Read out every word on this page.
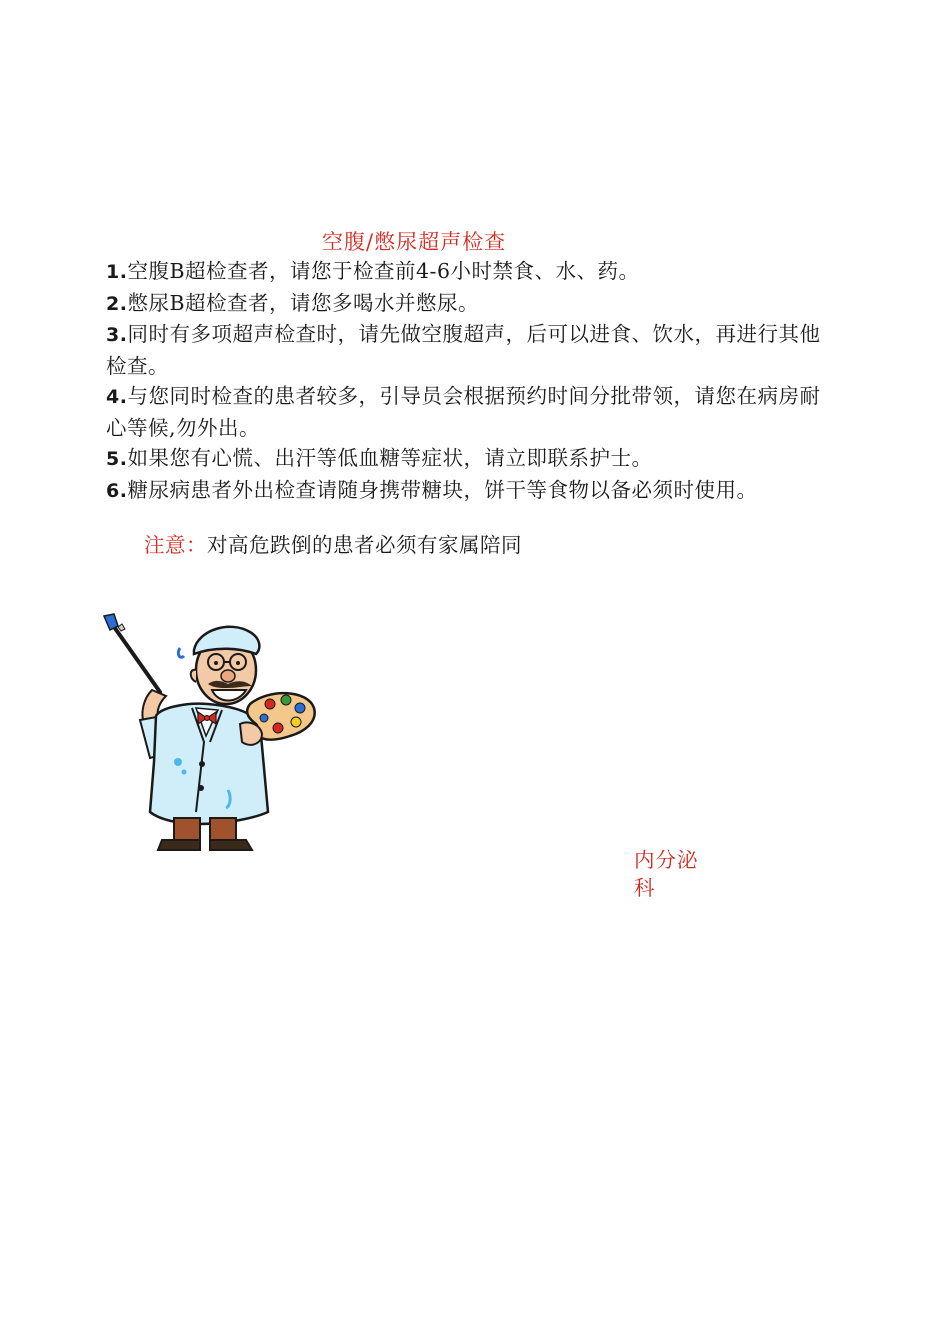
空腹/憋尿超声检查

1.空腹B超检查者，请您于检查前4-6小时禁食、水、药。

2.憋尿B超检查者，请您多喝水并憋尿。

3.同时有多项超声检查时，请先做空腹超声，后可以进食、饮水，再进行其他检查。

4.与您同时检查的患者较多，引导员会根据预约时间分批带领，请您在病房耐心等候,勿外出。

5.如果您有心慌、出汗等低血糖等症状，请立即联系护士。

6.糖尿病患者外出检查请随身携带糖块，饼干等食物以备必须时使用。

注意：对高危跌倒的患者必须有家属陪同
内分泌科
